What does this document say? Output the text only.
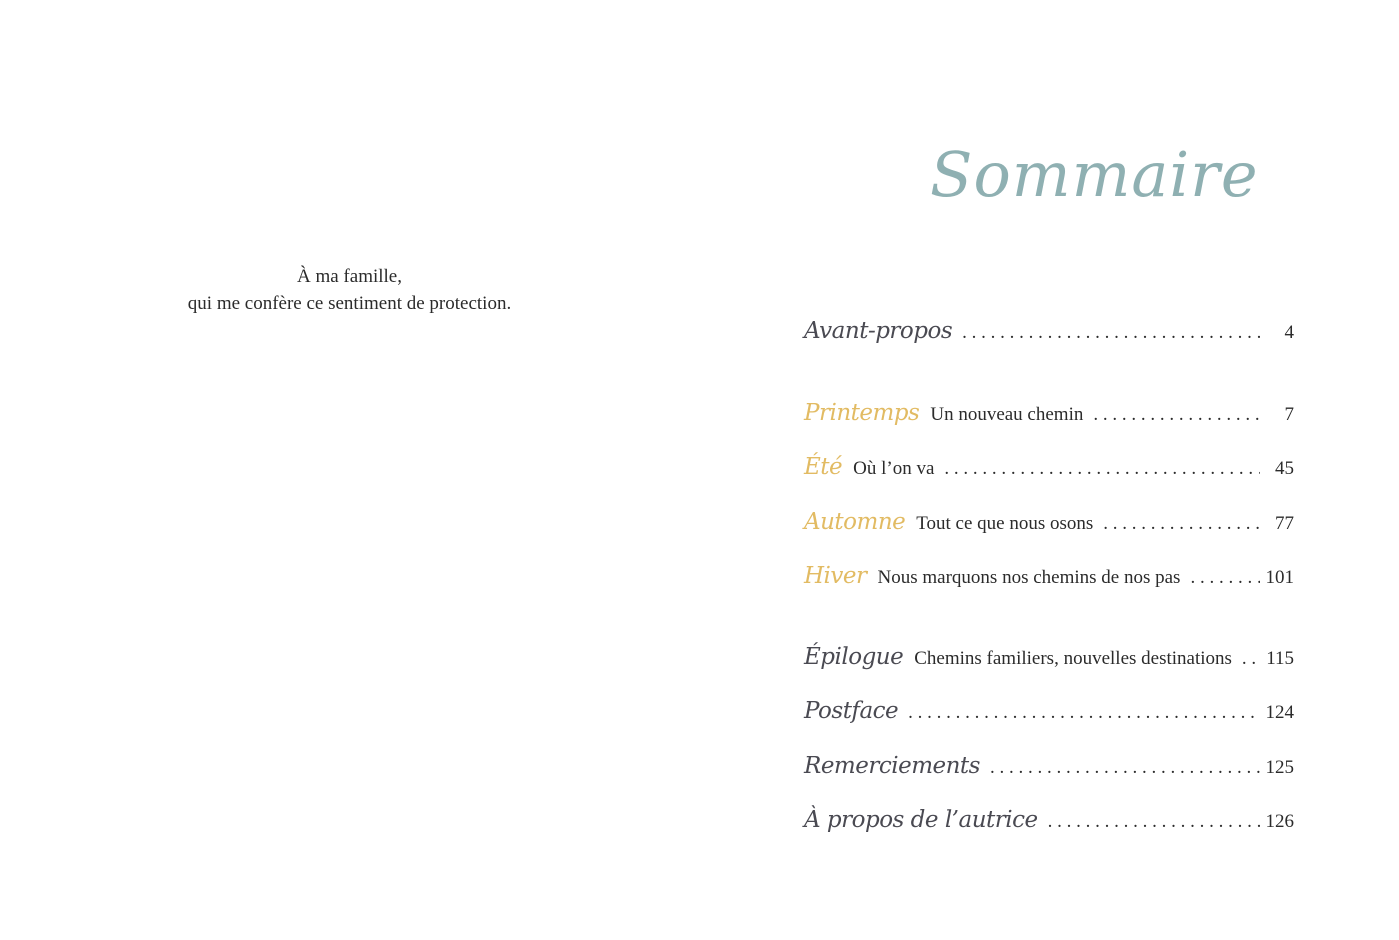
À ma famille,
qui me confère ce sentiment de protection.
Sommaire
Avant-propos . . .	4
Printemps Un nouveau chemin . . .	7
Été Où l’on va . . .	45
Automne Tout ce que nous osons . . .	77
Hiver Nous marquons nos chemins de nos pas . . .	101
Épilogue Chemins familiers, nouvelles destinations . . . 115
Postface . . .	124
Remerciements . . .	125
À propos de l’autrice . . .	126
